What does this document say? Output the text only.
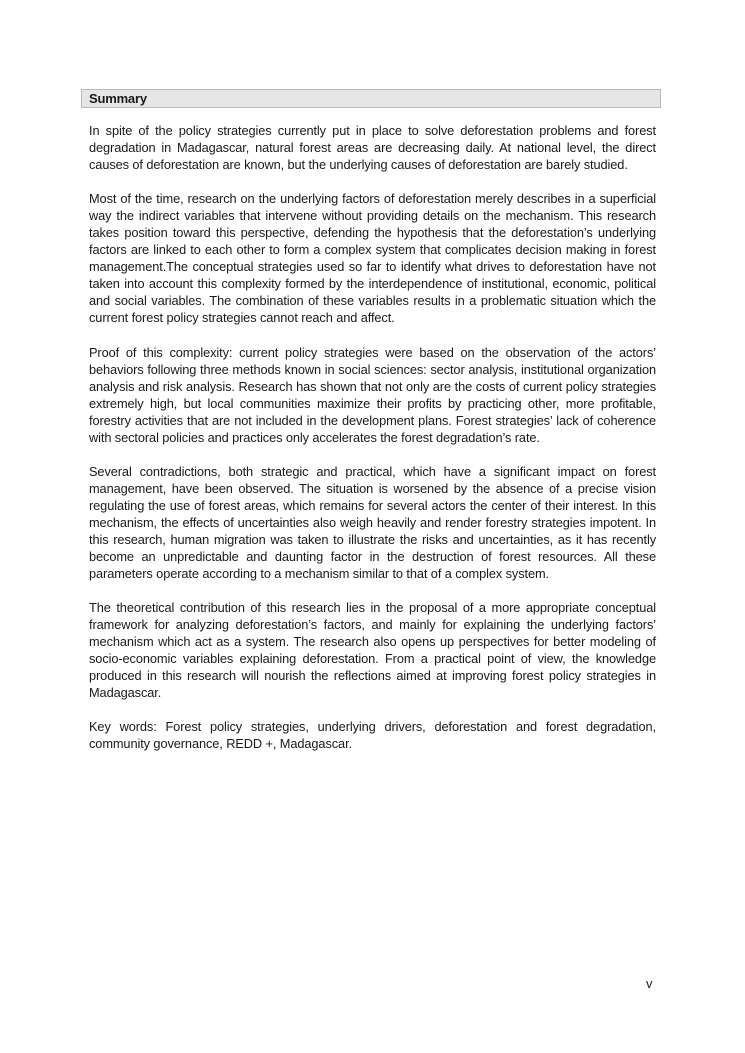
Summary

In spite of the policy strategies currently put in place to solve deforestation problems and forest degradation in Madagascar, natural forest areas are decreasing daily. At national level, the direct causes of deforestation are known, but the underlying causes of deforestation are barely studied.

Most of the time, research on the underlying factors of deforestation merely describes in a superficial way the indirect variables that intervene without providing details on the mechanism. This research takes position toward this perspective, defending the hypothesis that the deforestation’s underlying factors are linked to each other to form a complex system that complicates decision making in forest management.The conceptual strategies used so far to identify what drives to deforestation have not taken into account this complexity formed by the interdependence of institutional, economic, political and social variables. The combination of these variables results in a problematic situation which the current forest policy strategies cannot reach and affect.

Proof of this complexity: current policy strategies were based on the observation of the actors’ behaviors following three methods known in social sciences: sector analysis, institutional organization analysis and risk analysis. Research has shown that not only are the costs of current policy strategies extremely high, but local communities maximize their profits by practicing other, more profitable, forestry activities that are not included in the development plans. Forest strategies’ lack of coherence with sectoral policies and practices only accelerates the forest degradation’s rate.

Several contradictions, both strategic and practical, which have a significant impact on forest management, have been observed. The situation is worsened by the absence of a precise vision regulating the use of forest areas, which remains for several actors the center of their interest. In this mechanism, the effects of uncertainties also weigh heavily and render forestry strategies impotent. In this research, human migration was taken to illustrate the risks and uncertainties, as it has recently become an unpredictable and daunting factor in the destruction of forest resources. All these parameters operate according to a mechanism similar to that of a complex system.

The theoretical contribution of this research lies in the proposal of a more appropriate conceptual framework for analyzing deforestation’s factors, and mainly for explaining the underlying factors’ mechanism which act as a system. The research also opens up perspectives for better modeling of socio-economic variables explaining deforestation. From a practical point of view, the knowledge produced in this research will nourish the reflections aimed at improving forest policy strategies in Madagascar.

Key words: Forest policy strategies, underlying drivers, deforestation and forest degradation, community governance, REDD +, Madagascar.

v
